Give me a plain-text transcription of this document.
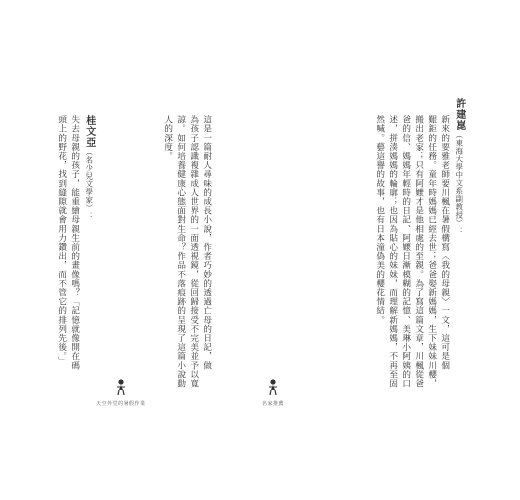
這是一篇耐人尋味的成長小說，作者巧妙的透過亡母的日記，做
為孩子認識複雜成人世界的一面透視鏡，從回歸接受不完美並予以寬
諒。如何培養健康心態面對生命？作品不落痕跡的呈現了這篇小說動
人的深度。
桂文亞（名少兒文學家）：
失去母親的孩子，能重繪母親生前的畫像嗎？「記憶就像開在碼
頭上的野花，找到縫隙就會用力鑽出，而不管它的排列先後。」
天空外堂的暑假作業
許建崑（東海大學中文系副教授）：
新來的要雅老師要川楓在暑假構寫〈我的母親〉一文，這可是個
艱鉅的任務。童年時媽媽已經去世；爸爸娶新媽媽，生下妹妹川櫻，
搬出老家；只有阿嬤才是他相處的至親。為了寫這篇文章，川楓從爸
爸的信、媽媽年輕時的日記、阿嬤日漸模糊的記憶、美琳小阿姨的口
述，拼湊媽媽的輪廓；也因為貼心的妹妹，而理解新媽媽，不再至固
然喊。藝這譽的故事，也有日本潼偽美的櫻花情結。
名家推薦
